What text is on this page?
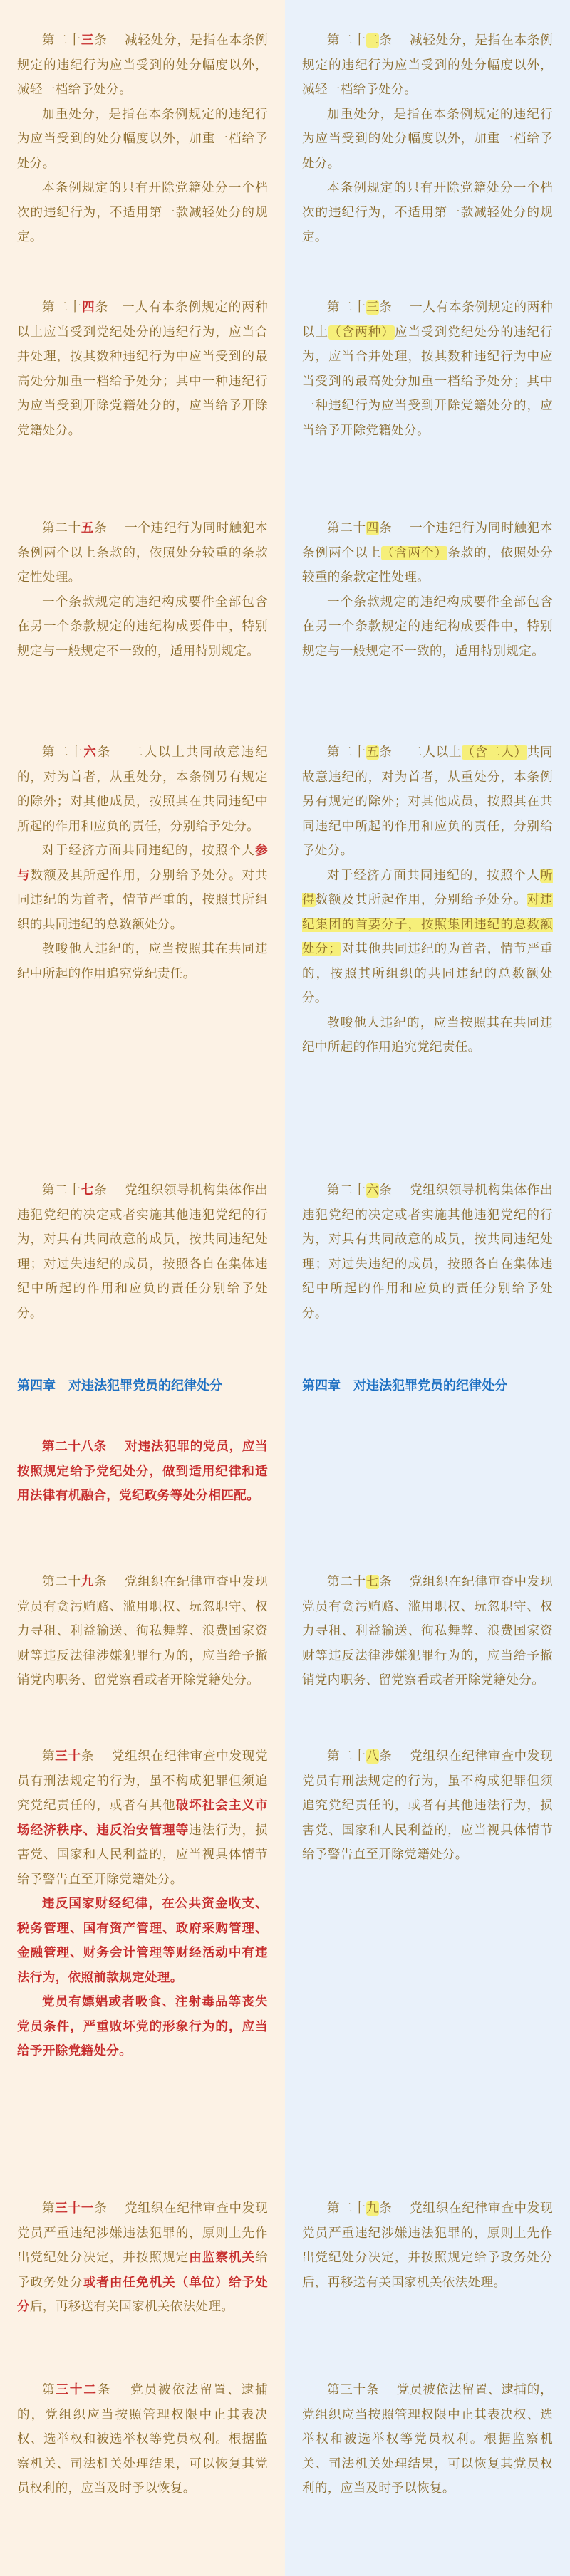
第二十三条　 减轻处分，是指在本条例规定的违纪行为应当受到的处分幅度以外，减轻一档给予处分。

加重处分，是指在本条例规定的违纪行为应当受到的处分幅度以外，加重一档给予处分。

本条例规定的只有开除党籍处分一个档次的违纪行为，不适用第一款减轻处分的规定。

第二十四条　一人有本条例规定的两种以上应当受到党纪处分的违纪行为，应当合并处理，按其数种违纪行为中应当受到的最高处分加重一档给予处分；其中一种违纪行为应当受到开除党籍处分的，应当给予开除党籍处分。

第二十五条　 一个违纪行为同时触犯本条例两个以上条款的，依照处分较重的条款定性处理。

一个条款规定的违纪构成要件全部包含在另一个条款规定的违纪构成要件中，特别规定与一般规定不一致的，适用特别规定。

第二十六条　 二人以上共同故意违纪的，对为首者，从重处分，本条例另有规定的除外；对其他成员，按照其在共同违纪中所起的作用和应负的责任，分别给予处分。

对于经济方面共同违纪的，按照个人参与数额及其所起作用，分别给予处分。对共同违纪的为首者，情节严重的，按照其所组织的共同违纪的总数额处分。

教唆他人违纪的，应当按照其在共同违纪中所起的作用追究党纪责任。

第二十七条　 党组织领导机构集体作出违犯党纪的决定或者实施其他违犯党纪的行为，对具有共同故意的成员，按共同违纪处理；对过失违纪的成员，按照各自在集体违纪中所起的作用和应负的责任分别给予处分。

第四章　对违法犯罪党员的纪律处分

第二十八条　 对违法犯罪的党员，应当按照规定给予党纪处分，做到适用纪律和适用法律有机融合，党纪政务等处分相匹配。

第二十九条　 党组织在纪律审查中发现党员有贪污贿赂、滥用职权、玩忽职守、权力寻租、利益输送、徇私舞弊、浪费国家资财等违反法律涉嫌犯罪行为的，应当给予撤销党内职务、留党察看或者开除党籍处分。

第三十条　 党组织在纪律审查中发现党员有刑法规定的行为，虽不构成犯罪但须追究党纪责任的，或者有其他破坏社会主义市场经济秩序、违反治安管理等违法行为，损害党、国家和人民利益的，应当视具体情节给予警告直至开除党籍处分。

违反国家财经纪律，在公共资金收支、税务管理、国有资产管理、政府采购管理、金融管理、财务会计管理等财经活动中有违法行为，依照前款规定处理。

党员有嫖娼或者吸食、注射毒品等丧失党员条件，严重败坏党的形象行为的，应当给予开除党籍处分。

第三十一条　 党组织在纪律审查中发现党员严重违纪涉嫌违法犯罪的，原则上先作出党纪处分决定，并按照规定由监察机关给予政务处分或者由任免机关（单位）给予处分后，再移送有关国家机关依法处理。

第三十二条　 党员被依法留置、逮捕的，党组织应当按照管理权限中止其表决权、选举权和被选举权等党员权利。根据监察机关、司法机关处理结果，可以恢复其党员权利的，应当及时予以恢复。

第二十二条　 减轻处分，是指在本条例规定的违纪行为应当受到的处分幅度以外，减轻一档给予处分。

加重处分，是指在本条例规定的违纪行为应当受到的处分幅度以外，加重一档给予处分。

本条例规定的只有开除党籍处分一个档次的违纪行为，不适用第一款减轻处分的规定。

第二十三条　 一人有本条例规定的两种以上（含两种）应当受到党纪处分的违纪行为，应当合并处理，按其数种违纪行为中应当受到的最高处分加重一档给予处分；其中一种违纪行为应当受到开除党籍处分的，应当给予开除党籍处分。

第二十四条　 一个违纪行为同时触犯本条例两个以上（含两个）条款的，依照处分较重的条款定性处理。

一个条款规定的违纪构成要件全部包含在另一个条款规定的违纪构成要件中，特别规定与一般规定不一致的，适用特别规定。

第二十五条　 二人以上（含二人）共同故意违纪的，对为首者，从重处分，本条例另有规定的除外；对其他成员，按照其在共同违纪中所起的作用和应负的责任，分别给予处分。

对于经济方面共同违纪的，按照个人所得数额及其所起作用，分别给予处分。对违纪集团的首要分子，按照集团违纪的总数额处分；对其他共同违纪的为首者，情节严重的，按照其所组织的共同违纪的总数额处分。

教唆他人违纪的，应当按照其在共同违纪中所起的作用追究党纪责任。

第二十六条　 党组织领导机构集体作出违犯党纪的决定或者实施其他违犯党纪的行为，对具有共同故意的成员，按共同违纪处理；对过失违纪的成员，按照各自在集体违纪中所起的作用和应负的责任分别给予处分。

第四章　对违法犯罪党员的纪律处分

第二十七条　 党组织在纪律审查中发现党员有贪污贿赂、滥用职权、玩忽职守、权力寻租、利益输送、徇私舞弊、浪费国家资财等违反法律涉嫌犯罪行为的，应当给予撤销党内职务、留党察看或者开除党籍处分。

第二十八条　 党组织在纪律审查中发现党员有刑法规定的行为，虽不构成犯罪但须追究党纪责任的，或者有其他违法行为，损害党、国家和人民利益的，应当视具体情节给予警告直至开除党籍处分。

第二十九条　 党组织在纪律审查中发现党员严重违纪涉嫌违法犯罪的，原则上先作出党纪处分决定，并按照规定给予政务处分后，再移送有关国家机关依法处理。

第三十条　 党员被依法留置、逮捕的，党组织应当按照管理权限中止其表决权、选举权和被选举权等党员权利。根据监察机关、司法机关处理结果，可以恢复其党员权利的，应当及时予以恢复。
